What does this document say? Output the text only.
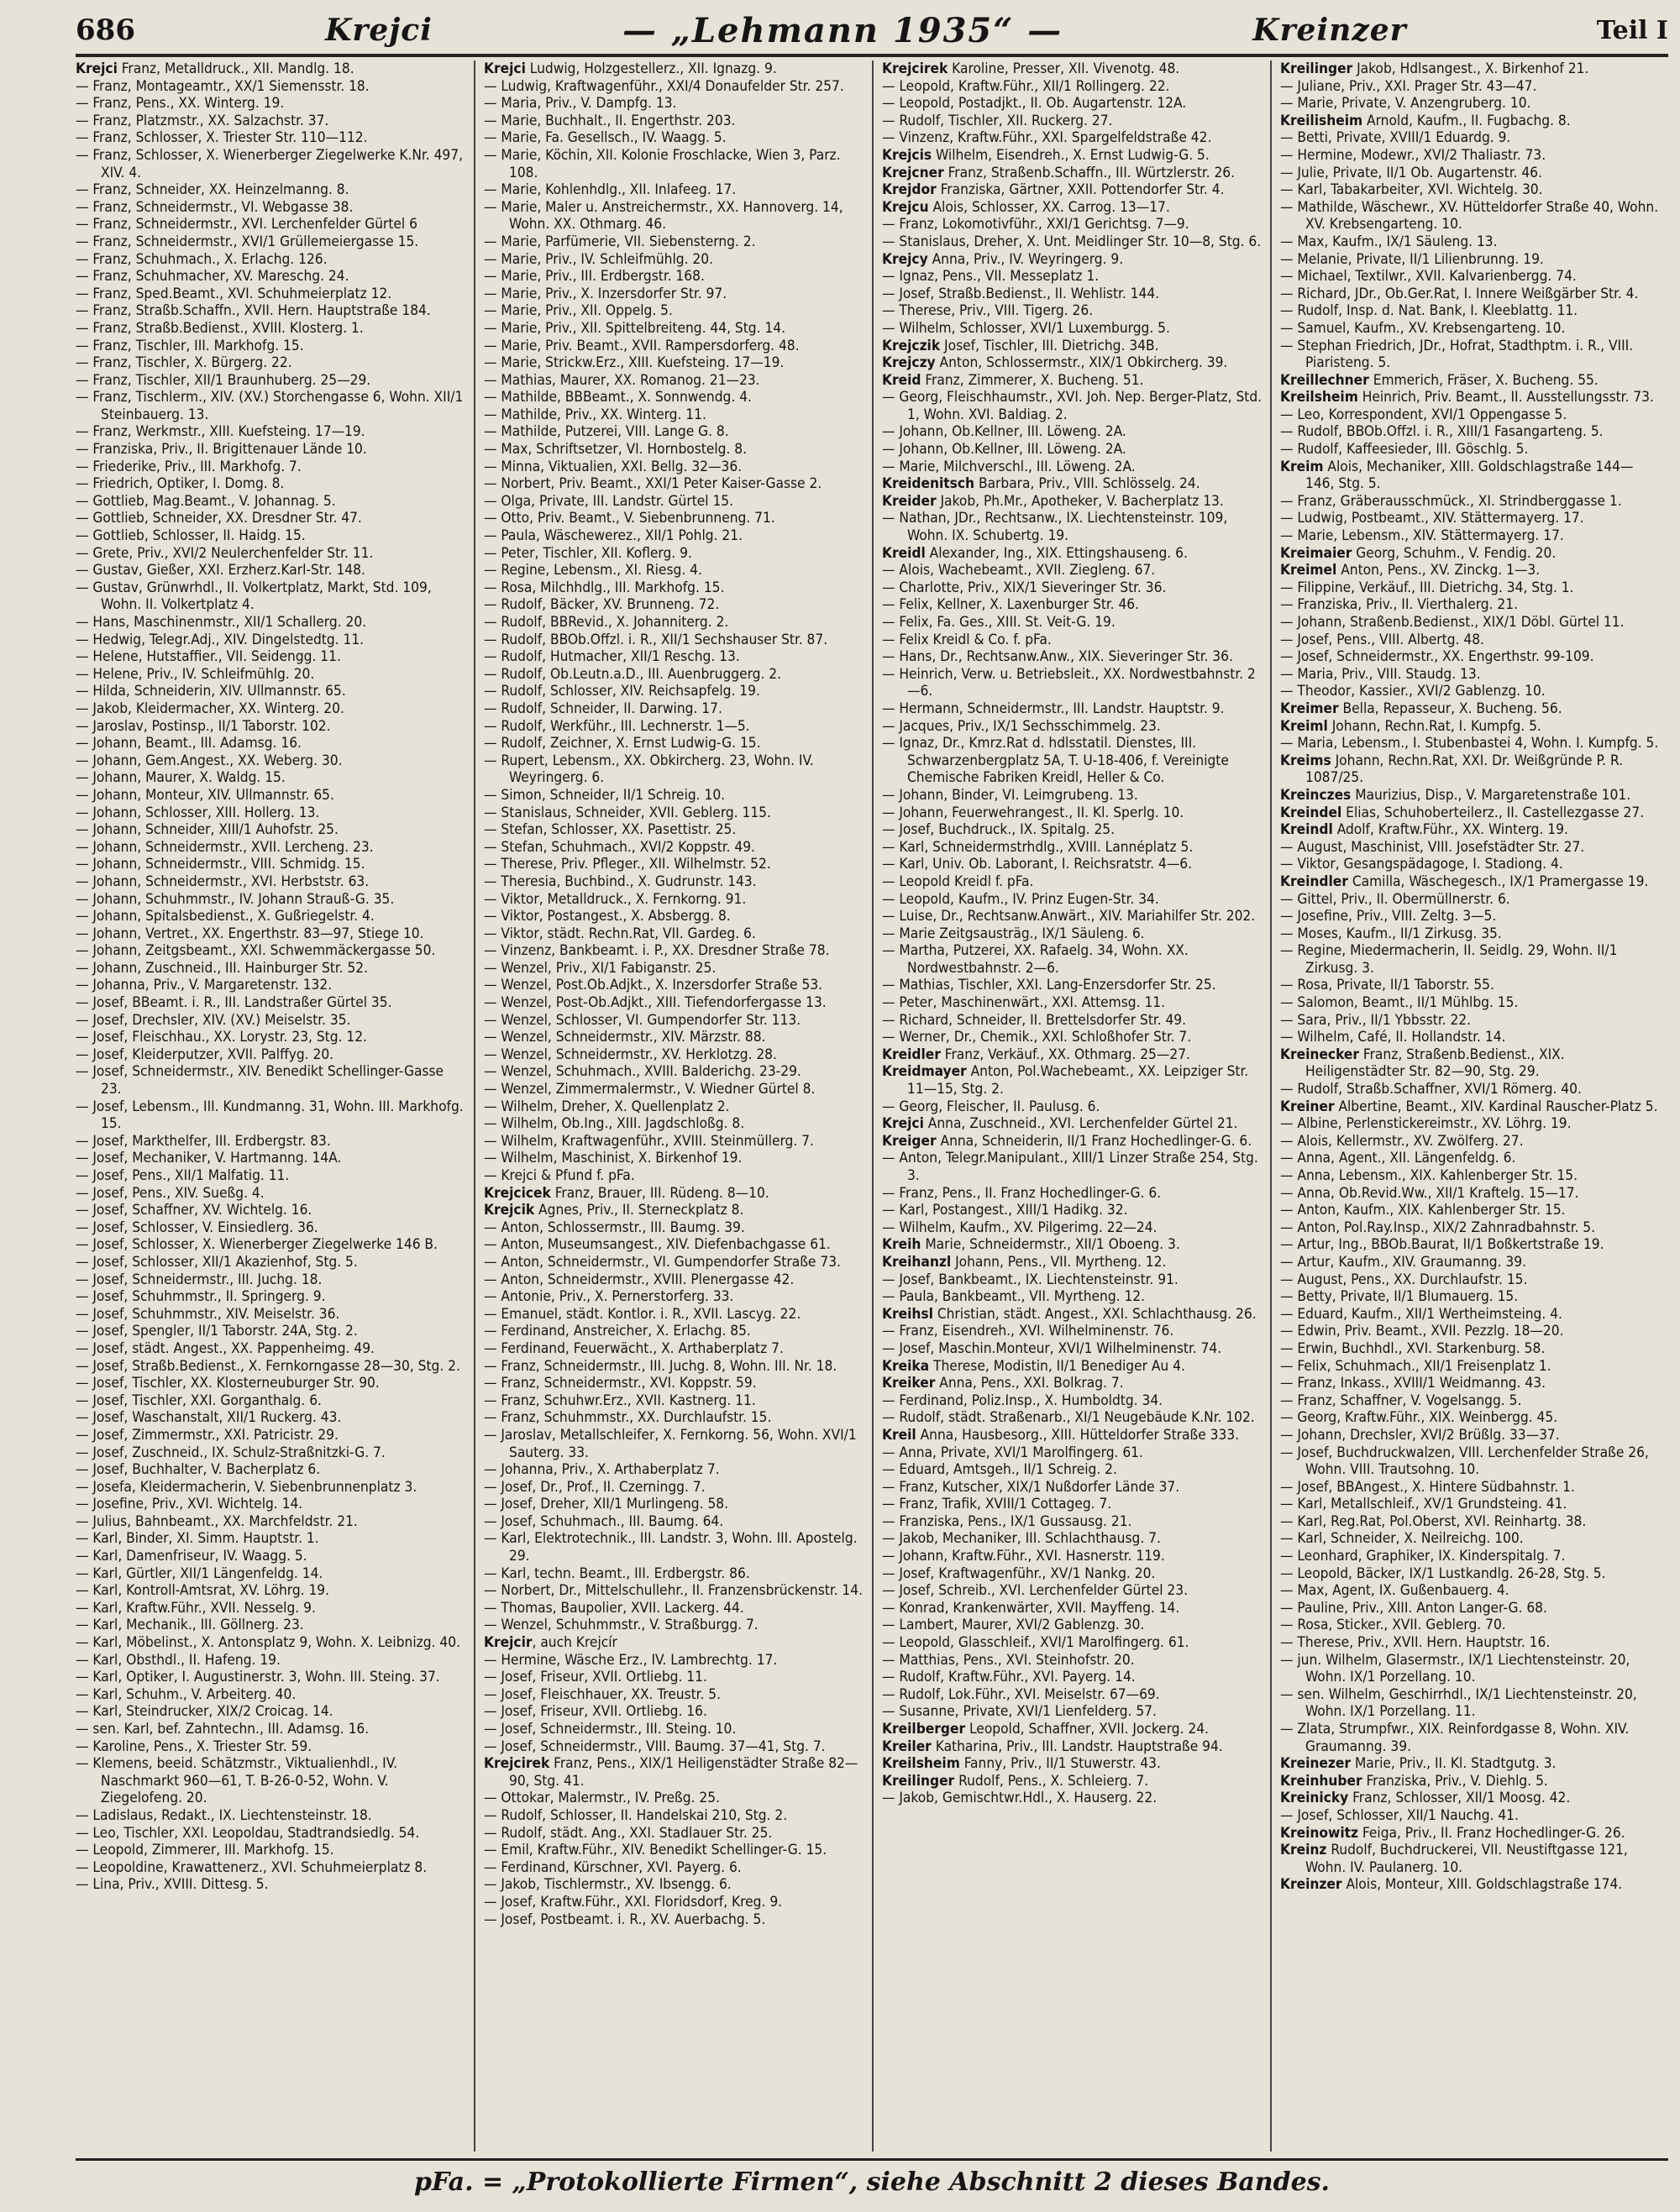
686	Krejci	— „Lehmann 1935“ —	Kreinzer	Teil I

Krejci Franz, Metalldruck., XII. Mandlg. 18.

— Franz, Montageamtr., XX/1 Siemensstr. 18.

— Franz, Pens., XX. Winterg. 19.

— Franz, Platzmstr., XX. Salzachstr. 37.

— Franz, Schlosser, X. Triester Str. 110—112.

— Franz, Schlosser, X. Wienerberger Ziegelwerke K.Nr. 497, XIV. 4.

— Franz, Schneider, XX. Heinzelmanng. 8.

— Franz, Schneidermstr., VI. Webgasse 38.

— Franz, Schneidermstr., XVI. Lerchenfelder Gürtel 6

— Franz, Schneidermstr., XVI/1 Grüllemeiergasse 15.

— Franz, Schuhmach., X. Erlachg. 126.

— Franz, Schuhmacher, XV. Mareschg. 24.

— Franz, Sped.Beamt., XVI. Schuhmeierplatz 12.

— Franz, Straßb.Schaffn., XVII. Hern. Hauptstraße 184.

— Franz, Straßb.Bedienst., XVIII. Klosterg. 1.

— Franz, Tischler, III. Markhofg. 15.

— Franz, Tischler, X. Bürgerg. 22.

— Franz, Tischler, XII/1 Braunhuberg. 25—29.

— Franz, Tischlerm., XIV. (XV.) Storchengasse 6, Wohn. XII/1 Steinbauerg. 13.

— Franz, Werkmstr., XIII. Kuefsteing. 17—19.

— Franziska, Priv., II. Brigittenauer Lände 10.

— Friederike, Priv., III. Markhofg. 7.

— Friedrich, Optiker, I. Domg. 8.

— Gottlieb, Mag.Beamt., V. Johannag. 5.

— Gottlieb, Schneider, XX. Dresdner Str. 47.

— Gottlieb, Schlosser, II. Haidg. 15.

— Grete, Priv., XVI/2 Neulerchenfelder Str. 11.

— Gustav, Gießer, XXI. Erzherz.Karl-Str. 148.

— Gustav, Grünwrhdl., II. Volkertplatz, Markt, Std. 109, Wohn. II. Volkertplatz 4.

— Hans, Maschinenmstr., XII/1 Schallerg. 20.

— Hedwig, Telegr.Adj., XIV. Dingelstedtg. 11.

— Helene, Hutstaffier., VII. Seidengg. 11.

— Helene, Priv., IV. Schleifmühlg. 20.

— Hilda, Schneiderin, XIV. Ullmannstr. 65.

— Jakob, Kleidermacher, XX. Winterg. 20.

— Jaroslav, Postinsp., II/1 Taborstr. 102.

— Johann, Beamt., III. Adamsg. 16.

— Johann, Gem.Angest., XX. Weberg. 30.

— Johann, Maurer, X. Waldg. 15.

— Johann, Monteur, XIV. Ullmannstr. 65.

— Johann, Schlosser, XIII. Hollerg. 13.

— Johann, Schneider, XIII/1 Auhofstr. 25.

— Johann, Schneidermstr., XVII. Lercheng. 23.

— Johann, Schneidermstr., VIII. Schmidg. 15.

— Johann, Schneidermstr., XVI. Herbststr. 63.

— Johann, Schuhmmstr., IV. Johann Strauß-G. 35.

— Johann, Spitalsbedienst., X. Gußriegelstr. 4.

— Johann, Vertret., XX. Engerthstr. 83—97, Stiege 10.

— Johann, Zeitgsbeamt., XXI. Schwemmäckergasse 50.

— Johann, Zuschneid., III. Hainburger Str. 52.

— Johanna, Priv., V. Margaretenstr. 132.

— Josef, BBeamt. i. R., III. Landstraßer Gürtel 35.

— Josef, Drechsler, XIV. (XV.) Meiselstr. 35.

— Josef, Fleischhau., XX. Lorystr. 23, Stg. 12.

— Josef, Kleiderputzer, XVII. Palffyg. 20.

— Josef, Schneidermstr., XIV. Benedikt Schellinger-Gasse 23.

— Josef, Lebensm., III. Kundmanng. 31, Wohn. III. Markhofg. 15.

— Josef, Markthelfer, III. Erdbergstr. 83.

— Josef, Mechaniker, V. Hartmanng. 14A.

— Josef, Pens., XII/1 Malfatig. 11.

— Josef, Pens., XIV. Sueßg. 4.

— Josef, Schaffner, XV. Wichtelg. 16.

— Josef, Schlosser, V. Einsiedlerg. 36.

— Josef, Schlosser, X. Wienerberger Ziegelwerke 146 B.

— Josef, Schlosser, XII/1 Akazienhof, Stg. 5.

— Josef, Schneidermstr., III. Juchg. 18.

— Josef, Schuhmmstr., II. Springerg. 9.

— Josef, Schuhmmstr., XIV. Meiselstr. 36.

— Josef, Spengler, II/1 Taborstr. 24A, Stg. 2.

— Josef, städt. Angest., XX. Pappenheimg. 49.

— Josef, Straßb.Bedienst., X. Fernkorngasse 28—30, Stg. 2.

— Josef, Tischler, XX. Klosterneuburger Str. 90.

— Josef, Tischler, XXI. Gorganthalg. 6.

— Josef, Waschanstalt, XII/1 Ruckerg. 43.

— Josef, Zimmermstr., XXI. Patricistr. 29.

— Josef, Zuschneid., IX. Schulz-Straßnitzki-G. 7.

— Josef, Buchhalter, V. Bacherplatz 6.

— Josefa, Kleidermacherin, V. Siebenbrunnenplatz 3.

— Josefine, Priv., XVI. Wichtelg. 14.

— Julius, Bahnbeamt., XX. Marchfeldstr. 21.

— Karl, Binder, XI. Simm. Hauptstr. 1.

— Karl, Damenfriseur, IV. Waagg. 5.

— Karl, Gürtler, XII/1 Längenfeldg. 14.

— Karl, Kontroll-Amtsrat, XV. Löhrg. 19.

— Karl, Kraftw.Führ., XVII. Nesselg. 9.

— Karl, Mechanik., III. Göllnerg. 23.

— Karl, Möbelinst., X. Antonsplatz 9, Wohn. X. Leibnizg. 40.

— Karl, Obsthdl., II. Hafeng. 19.

— Karl, Optiker, I. Augustinerstr. 3, Wohn. III. Steing. 37.

— Karl, Schuhm., V. Arbeiterg. 40.

— Karl, Steindrucker, XIX/2 Croicag. 14.

— sen. Karl, bef. Zahntechn., III. Adamsg. 16.

— Karoline, Pens., X. Triester Str. 59.

— Klemens, beeid. Schätzmstr., Viktualienhdl., IV. Naschmarkt 960—61, T. B-26-0-52, Wohn. V. Ziegelofeng. 20.

— Ladislaus, Redakt., IX. Liechtensteinstr. 18.

— Leo, Tischler, XXI. Leopoldau, Stadtrandsiedlg. 54.

— Leopold, Zimmerer, III. Markhofg. 15.

— Leopoldine, Krawattenerz., XVI. Schuhmeierplatz 8.

— Lina, Priv., XVIII. Dittesg. 5.

Krejci Ludwig, Holzgestellerz., XII. Ignazg. 9.

— Ludwig, Kraftwagenführ., XXI/4 Donaufelder Str. 257.

— Maria, Priv., V. Dampfg. 13.

— Marie, Buchhalt., II. Engerthstr. 203.

— Marie, Fa. Gesellsch., IV. Waagg. 5.

— Marie, Köchin, XII. Kolonie Froschlacke, Wien 3, Parz. 108.

— Marie, Kohlenhdlg., XII. Inlafeeg. 17.

— Marie, Maler u. Anstreichermstr., XX. Hannoverg. 14, Wohn. XX. Othmarg. 46.

— Marie, Parfümerie, VII. Siebensterng. 2.

— Marie, Priv., IV. Schleifmühlg. 20.

— Marie, Priv., III. Erdbergstr. 168.

— Marie, Priv., X. Inzersdorfer Str. 97.

— Marie, Priv., XII. Oppelg. 5.

— Marie, Priv., XII. Spittelbreiteng. 44, Stg. 14.

— Marie, Priv. Beamt., XVII. Rampersdorferg. 48.

— Marie, Strickw.Erz., XIII. Kuefsteing. 17—19.

— Mathias, Maurer, XX. Romanog. 21—23.

— Mathilde, BBBeamt., X. Sonnwendg. 4.

— Mathilde, Priv., XX. Winterg. 11.

— Mathilde, Putzerei, VIII. Lange G. 8.

— Max, Schriftsetzer, VI. Hornbostelg. 8.

— Minna, Viktualien, XXI. Bellg. 32—36.

— Norbert, Priv. Beamt., XXI/1 Peter Kaiser-Gasse 2.

— Olga, Private, III. Landstr. Gürtel 15.

— Otto, Priv. Beamt., V. Siebenbrunneng. 71.

— Paula, Wäschewerez., XII/1 Pohlg. 21.

— Peter, Tischler, XII. Koflerg. 9.

— Regine, Lebensm., XI. Riesg. 4.

— Rosa, Milchhdlg., III. Markhofg. 15.

— Rudolf, Bäcker, XV. Brunneng. 72.

— Rudolf, BBRevid., X. Johanniterg. 2.

— Rudolf, BBOb.Offzl. i. R., XII/1 Sechshauser Str. 87.

— Rudolf, Hutmacher, XII/1 Reschg. 13.

— Rudolf, Ob.Leutn.a.D., III. Auenbruggerg. 2.

— Rudolf, Schlosser, XIV. Reichsapfelg. 19.

— Rudolf, Schneider, II. Darwing. 17.

— Rudolf, Werkführ., III. Lechnerstr. 1—5.

— Rudolf, Zeichner, X. Ernst Ludwig-G. 15.

— Rupert, Lebensm., XX. Obkircherg. 23, Wohn. IV. Weyringerg. 6.

— Simon, Schneider, II/1 Schreig. 10.

— Stanislaus, Schneider, XVII. Geblerg. 115.

— Stefan, Schlosser, XX. Pasettistr. 25.

— Stefan, Schuhmach., XVI/2 Koppstr. 49.

— Therese, Priv. Pfleger., XII. Wilhelmstr. 52.

— Theresia, Buchbind., X. Gudrunstr. 143.

— Viktor, Metalldruck., X. Fernkorng. 91.

— Viktor, Postangest., X. Absbergg. 8.

— Viktor, städt. Rechn.Rat, VII. Gardeg. 6.

— Vinzenz, Bankbeamt. i. P., XX. Dresdner Straße 78.

— Wenzel, Priv., XI/1 Fabiganstr. 25.

— Wenzel, Post.Ob.Adjkt., X. Inzersdorfer Straße 53.

— Wenzel, Post-Ob.Adjkt., XIII. Tiefendorfergasse 13.

— Wenzel, Schlosser, VI. Gumpendorfer Str. 113.

— Wenzel, Schneidermstr., XIV. Märzstr. 88.

— Wenzel, Schneidermstr., XV. Herklotzg. 28.

— Wenzel, Schuhmach., XVIII. Balderichg. 23-29.

— Wenzel, Zimmermalermstr., V. Wiedner Gürtel 8.

— Wilhelm, Dreher, X. Quellenplatz 2.

— Wilhelm, Ob.Ing., XIII. Jagdschloßg. 8.

— Wilhelm, Kraftwagenführ., XVIII. Steinmüllerg. 7.

— Wilhelm, Maschinist, X. Birkenhof 19.

— Krejci & Pfund f. pFa.

Krejcicek Franz, Brauer, III. Rüdeng. 8—10.

Krejcik Agnes, Priv., II. Sterneckplatz 8.

— Anton, Schlossermstr., III. Baumg. 39.

— Anton, Museumsangest., XIV. Diefenbachgasse 61.

— Anton, Schneidermstr., VI. Gumpendorfer Straße 73.

— Anton, Schneidermstr., XVIII. Plenergasse 42.

— Antonie, Priv., X. Pernerstorferg. 33.

— Emanuel, städt. Kontlor. i. R., XVII. Lascyg. 22.

— Ferdinand, Anstreicher, X. Erlachg. 85.

— Ferdinand, Feuerwächt., X. Arthaberplatz 7.

— Franz, Schneidermstr., III. Juchg. 8, Wohn. III. Nr. 18.

— Franz, Schneidermstr., XVI. Koppstr. 59.

— Franz, Schuhwr.Erz., XVII. Kastnerg. 11.

— Franz, Schuhmmstr., XX. Durchlaufstr. 15.

— Jaroslav, Metallschleifer, X. Fernkorng. 56, Wohn. XVI/1 Sauterg. 33.

— Johanna, Priv., X. Arthaberplatz 7.

— Josef, Dr., Prof., II. Czerningg. 7.

— Josef, Dreher, XII/1 Murlingeng. 58.

— Josef, Schuhmach., III. Baumg. 64.

— Karl, Elektrotechnik., III. Landstr. 3, Wohn. III. Apostelg. 29.

— Karl, techn. Beamt., III. Erdbergstr. 86.

— Norbert, Dr., Mittelschullehr., II. Franzensbrückenstr. 14.

— Thomas, Baupolier, XVII. Lackerg. 44.

— Wenzel, Schuhmmstr., V. Straßburgg. 7.

Krejcir, auch Krejcír

— Hermine, Wäsche Erz., IV. Lambrechtg. 17.

— Josef, Friseur, XVII. Ortliebg. 11.

— Josef, Fleischhauer, XX. Treustr. 5.

— Josef, Friseur, XVII. Ortliebg. 16.

— Josef, Schneidermstr., III. Steing. 10.

— Josef, Schneidermstr., VIII. Baumg. 37—41, Stg. 7.

Krejcirek Franz, Pens., XIX/1 Heiligenstädter Straße 82—90, Stg. 41.

— Ottokar, Malermstr., IV. Preßg. 25.

— Rudolf, Schlosser, II. Handelskai 210, Stg. 2.

— Rudolf, städt. Ang., XXI. Stadlauer Str. 25.

— Emil, Kraftw.Führ., XIV. Benedikt Schellinger-G. 15.

— Ferdinand, Kürschner, XVI. Payerg. 6.

— Jakob, Tischlermstr., XV. Ibsengg. 6.

— Josef, Kraftw.Führ., XXI. Floridsdorf, Kreg. 9.

— Josef, Postbeamt. i. R., XV. Auerbachg. 5.

Krejcirek Karoline, Presser, XII. Vivenotg. 48.

— Leopold, Kraftw.Führ., XII/1 Rollingerg. 22.

— Leopold, Postadjkt., II. Ob. Augartenstr. 12A.

— Rudolf, Tischler, XII. Ruckerg. 27.

— Vinzenz, Kraftw.Führ., XXI. Spargelfeldstraße 42.

Krejcis Wilhelm, Eisendreh., X. Ernst Ludwig-G. 5.

Krejcner Franz, Straßenb.Schaffn., III. Würtzlerstr. 26.

Krejdor Franziska, Gärtner, XXII. Pottendorfer Str. 4.

Krejcu Alois, Schlosser, XX. Carrog. 13—17.

— Franz, Lokomotivführ., XXI/1 Gerichtsg. 7—9.

— Stanislaus, Dreher, X. Unt. Meidlinger Str. 10—8, Stg. 6.

Krejcy Anna, Priv., IV. Weyringerg. 9.

— Ignaz, Pens., VII. Messeplatz 1.

— Josef, Straßb.Bedienst., II. Wehlistr. 144.

— Therese, Priv., VIII. Tigerg. 26.

— Wilhelm, Schlosser, XVI/1 Luxemburgg. 5.

Krejczik Josef, Tischler, III. Dietrichg. 34B.

Krejczy Anton, Schlossermstr., XIX/1 Obkircherg. 39.

Kreid Franz, Zimmerer, X. Bucheng. 51.

— Georg, Fleischhaumstr., XVI. Joh. Nep. Berger-Platz, Std. 1, Wohn. XVI. Baldiag. 2.

— Johann, Ob.Kellner, III. Löweng. 2A.

— Johann, Ob.Kellner, III. Löweng. 2A.

— Marie, Milchverschl., III. Löweng. 2A.

Kreidenitsch Barbara, Priv., VIII. Schlösselg. 24.

Kreider Jakob, Ph.Mr., Apotheker, V. Bacherplatz 13.

— Nathan, JDr., Rechtsanw., IX. Liechtensteinstr. 109, Wohn. IX. Schubertg. 19.

Kreidl Alexander, Ing., XIX. Ettingshauseng. 6.

— Alois, Wachebeamt., XVII. Ziegleng. 67.

— Charlotte, Priv., XIX/1 Sieveringer Str. 36.

— Felix, Kellner, X. Laxenburger Str. 46.

— Felix, Fa. Ges., XIII. St. Veit-G. 19.

— Felix Kreidl & Co. f. pFa.

— Hans, Dr., Rechtsanw.Anw., XIX. Sieveringer Str. 36.

— Heinrich, Verw. u. Betriebsleit., XX. Nordwestbahnstr. 2—6.

— Hermann, Schneidermstr., III. Landstr. Hauptstr. 9.

— Jacques, Priv., IX/1 Sechsschimmelg. 23.

— Ignaz, Dr., Kmrz.Rat d. hdlsstatil. Dienstes, III. Schwarzenbergplatz 5A, T. U-18-406, f. Vereinigte Chemische Fabriken Kreidl, Heller & Co.

— Johann, Binder, VI. Leimgrubeng. 13.

— Johann, Feuerwehrangest., II. Kl. Sperlg. 10.

— Josef, Buchdruck., IX. Spitalg. 25.

— Karl, Schneidermstrhdlg., XVIII. Lannéplatz 5.

— Karl, Univ. Ob. Laborant, I. Reichsratstr. 4—6.

— Leopold Kreidl f. pFa.

— Leopold, Kaufm., IV. Prinz Eugen-Str. 34.

— Luise, Dr., Rechtsanw.Anwärt., XIV. Mariahilfer Str. 202.

— Marie Zeitgsausträg., IX/1 Säuleng. 6.

— Martha, Putzerei, XX. Rafaelg. 34, Wohn. XX. Nordwestbahnstr. 2—6.

— Mathias, Tischler, XXI. Lang-Enzersdorfer Str. 25.

— Peter, Maschinenwärt., XXI. Attemsg. 11.

— Richard, Schneider, II. Brettelsdorfer Str. 49.

— Werner, Dr., Chemik., XXI. Schloßhofer Str. 7.

Kreidler Franz, Verkäuf., XX. Othmarg. 25—27.

Kreidmayer Anton, Pol.Wachebeamt., XX. Leipziger Str. 11—15, Stg. 2.

— Georg, Fleischer, II. Paulusg. 6.

Krejci Anna, Zuschneid., XVI. Lerchenfelder Gürtel 21.

Kreiger Anna, Schneiderin, II/1 Franz Hochedlinger-G. 6.

— Anton, Telegr.Manipulant., XIII/1 Linzer Straße 254, Stg. 3.

— Franz, Pens., II. Franz Hochedlinger-G. 6.

— Karl, Postangest., XIII/1 Hadikg. 32.

— Wilhelm, Kaufm., XV. Pilgerimg. 22—24.

Kreih Marie, Schneidermstr., XII/1 Oboeng. 3.

Kreihanzl Johann, Pens., VII. Myrtheng. 12.

— Josef, Bankbeamt., IX. Liechtensteinstr. 91.

— Paula, Bankbeamt., VII. Myrtheng. 12.

Kreihsl Christian, städt. Angest., XXI. Schlachthausg. 26.

— Franz, Eisendreh., XVI. Wilhelminenstr. 76.

— Josef, Maschin.Monteur, XVI/1 Wilhelminenstr. 74.

Kreika Therese, Modistin, II/1 Benediger Au 4.

Kreiker Anna, Pens., XXI. Bolkrag. 7.

— Ferdinand, Poliz.Insp., X. Humboldtg. 34.

— Rudolf, städt. Straßenarb., XI/1 Neugebäude K.Nr. 102.

Kreil Anna, Hausbesorg., XIII. Hütteldorfer Straße 333.

— Anna, Private, XVI/1 Marolfingerg. 61.

— Eduard, Amtsgeh., II/1 Schreig. 2.

— Franz, Kutscher, XIX/1 Nußdorfer Lände 37.

— Franz, Trafik, XVIII/1 Cottageg. 7.

— Franziska, Pens., IX/1 Gussausg. 21.

— Jakob, Mechaniker, III. Schlachthausg. 7.

— Johann, Kraftw.Führ., XVI. Hasnerstr. 119.

— Josef, Kraftwagenführ., XV/1 Nankg. 20.

— Josef, Schreib., XVI. Lerchenfelder Gürtel 23.

— Konrad, Krankenwärter, XVII. Mayffeng. 14.

— Lambert, Maurer, XVI/2 Gablenzg. 30.

— Leopold, Glasschleif., XVI/1 Marolfingerg. 61.

— Matthias, Pens., XVI. Steinhofstr. 20.

— Rudolf, Kraftw.Führ., XVI. Payerg. 14.

— Rudolf, Lok.Führ., XVI. Meiselstr. 67—69.

— Susanne, Private, XVI/1 Lienfelderg. 57.

Kreilberger Leopold, Schaffner, XVII. Jockerg. 24.

Kreiler Katharina, Priv., III. Landstr. Hauptstraße 94.

Kreilsheim Fanny, Priv., II/1 Stuwerstr. 43.

Kreilinger Rudolf, Pens., X. Schleierg. 7.

— Jakob, Gemischtwr.Hdl., X. Hauserg. 22.

Kreilinger Jakob, Hdlsangest., X. Birkenhof 21.

— Juliane, Priv., XXI. Prager Str. 43—47.

— Marie, Private, V. Anzengruberg. 10.

Kreilisheim Arnold, Kaufm., II. Fugbachg. 8.

— Betti, Private, XVIII/1 Eduardg. 9.

— Hermine, Modewr., XVI/2 Thaliastr. 73.

— Julie, Private, II/1 Ob. Augartenstr. 46.

— Karl, Tabakarbeiter, XVI. Wichtelg. 30.

— Mathilde, Wäschewr., XV. Hütteldorfer Straße 40, Wohn. XV. Krebsengarteng. 10.

— Max, Kaufm., IX/1 Säuleng. 13.

— Melanie, Private, II/1 Lilienbrunng. 19.

— Michael, Textilwr., XVII. Kalvarienbergg. 74.

— Richard, JDr., Ob.Ger.Rat, I. Innere Weißgärber Str. 4.

— Rudolf, Insp. d. Nat. Bank, I. Kleeblattg. 11.

— Samuel, Kaufm., XV. Krebsengarteng. 10.

— Stephan Friedrich, JDr., Hofrat, Stadthptm. i. R., VIII. Piaristeng. 5.

Kreillechner Emmerich, Fräser, X. Bucheng. 55.

Kreilsheim Heinrich, Priv. Beamt., II. Ausstellungsstr. 73.

— Leo, Korrespondent, XVI/1 Oppengasse 5.

— Rudolf, BBOb.Offzl. i. R., XIII/1 Fasangarteng. 5.

— Rudolf, Kaffeesieder, III. Göschlg. 5.

Kreim Alois, Mechaniker, XIII. Goldschlagstraße 144—146, Stg. 5.

— Franz, Gräberausschmück., XI. Strindberggasse 1.

— Ludwig, Postbeamt., XIV. Stättermayerg. 17.

— Marie, Lebensm., XIV. Stättermayerg. 17.

Kreimaier Georg, Schuhm., V. Fendig. 20.

Kreimel Anton, Pens., XV. Zinckg. 1—3.

— Filippine, Verkäuf., III. Dietrichg. 34, Stg. 1.

— Franziska, Priv., II. Vierthalerg. 21.

— Johann, Straßenb.Bedienst., XIX/1 Döbl. Gürtel 11.

— Josef, Pens., VIII. Albertg. 48.

— Josef, Schneidermstr., XX. Engerthstr. 99-109.

— Maria, Priv., VIII. Staudg. 13.

— Theodor, Kassier., XVI/2 Gablenzg. 10.

Kreimer Bella, Repasseur, X. Bucheng. 56.

Kreiml Johann, Rechn.Rat, I. Kumpfg. 5.

— Maria, Lebensm., I. Stubenbastei 4, Wohn. I. Kumpfg. 5.

Kreims Johann, Rechn.Rat, XXI. Dr. Weißgründe P. R. 1087/25.

Kreinczes Maurizius, Disp., V. Margaretenstraße 101.

Kreindel Elias, Schuhoberteilerz., II. Castellezgasse 27.

Kreindl Adolf, Kraftw.Führ., XX. Winterg. 19.

— August, Maschinist, VIII. Josefstädter Str. 27.

— Viktor, Gesangspädagoge, I. Stadiong. 4.

Kreindler Camilla, Wäschegesch., IX/1 Pramergasse 19.

— Gittel, Priv., II. Obermüllnerstr. 6.

— Josefine, Priv., VIII. Zeltg. 3—5.

— Moses, Kaufm., II/1 Zirkusg. 35.

— Regine, Miedermacherin, II. Seidlg. 29, Wohn. II/1 Zirkusg. 3.

— Rosa, Private, II/1 Taborstr. 55.

— Salomon, Beamt., II/1 Mühlbg. 15.

— Sara, Priv., II/1 Ybbsstr. 22.

— Wilhelm, Café, II. Hollandstr. 14.

Kreinecker Franz, Straßenb.Bedienst., XIX. Heiligenstädter Str. 82—90, Stg. 29.

— Rudolf, Straßb.Schaffner, XVI/1 Römerg. 40.

Kreiner Albertine, Beamt., XIV. Kardinal Rauscher-Platz 5.

— Albine, Perlenstickereimstr., XV. Löhrg. 19.

— Alois, Kellermstr., XV. Zwölferg. 27.

— Anna, Agent., XII. Längenfeldg. 6.

— Anna, Lebensm., XIX. Kahlenberger Str. 15.

— Anna, Ob.Revid.Ww., XII/1 Kraftelg. 15—17.

— Anton, Kaufm., XIX. Kahlenberger Str. 15.

— Anton, Pol.Ray.Insp., XIX/2 Zahnradbahnstr. 5.

— Artur, Ing., BBOb.Baurat, II/1 Boßkertstraße 19.

— Artur, Kaufm., XIV. Graumanng. 39.

— August, Pens., XX. Durchlaufstr. 15.

— Betty, Private, II/1 Blumauerg. 15.

— Eduard, Kaufm., XII/1 Wertheimsteing. 4.

— Edwin, Priv. Beamt., XVII. Pezzlg. 18—20.

— Erwin, Buchhdl., XVI. Starkenburg. 58.

— Felix, Schuhmach., XII/1 Freisenplatz 1.

— Franz, Inkass., XVIII/1 Weidmanng. 43.

— Franz, Schaffner, V. Vogelsangg. 5.

— Georg, Kraftw.Führ., XIX. Weinbergg. 45.

— Johann, Drechsler, XVI/2 Brüßlg. 33—37.

— Josef, Buchdruckwalzen, VIII. Lerchenfelder Straße 26, Wohn. VIII. Trautsohng. 10.

— Josef, BBAngest., X. Hintere Südbahnstr. 1.

— Karl, Metallschleif., XV/1 Grundsteing. 41.

— Karl, Reg.Rat, Pol.Oberst, XVI. Reinhartg. 38.

— Karl, Schneider, X. Neilreichg. 100.

— Leonhard, Graphiker, IX. Kinderspitalg. 7.

— Leopold, Bäcker, IX/1 Lustkandlg. 26-28, Stg. 5.

— Max, Agent, IX. Gußenbauerg. 4.

— Pauline, Priv., XIII. Anton Langer-G. 68.

— Rosa, Sticker., XVII. Geblerg. 70.

— Therese, Priv., XVII. Hern. Hauptstr. 16.

— jun. Wilhelm, Glasermstr., IX/1 Liechtensteinstr. 20, Wohn. IX/1 Porzellang. 10.

— sen. Wilhelm, Geschirrhdl., IX/1 Liechtensteinstr. 20, Wohn. IX/1 Porzellang. 11.

— Zlata, Strumpfwr., XIX. Reinfordgasse 8, Wohn. XIV. Graumanng. 39.

Kreinezer Marie, Priv., II. Kl. Stadtgutg. 3.

Kreinhuber Franziska, Priv., V. Diehlg. 5.

Kreinicky Franz, Schlosser, XII/1 Moosg. 42.

— Josef, Schlosser, XII/1 Nauchg. 41.

Kreinowitz Feiga, Priv., II. Franz Hochedlinger-G. 26.

Kreinz Rudolf, Buchdruckerei, VII. Neustiftgasse 121, Wohn. IV. Paulanerg. 10.

Kreinzer Alois, Monteur, XIII. Goldschlagstraße 174.

pFa. = „Protokollierte Firmen“, siehe Abschnitt 2 dieses Bandes.
